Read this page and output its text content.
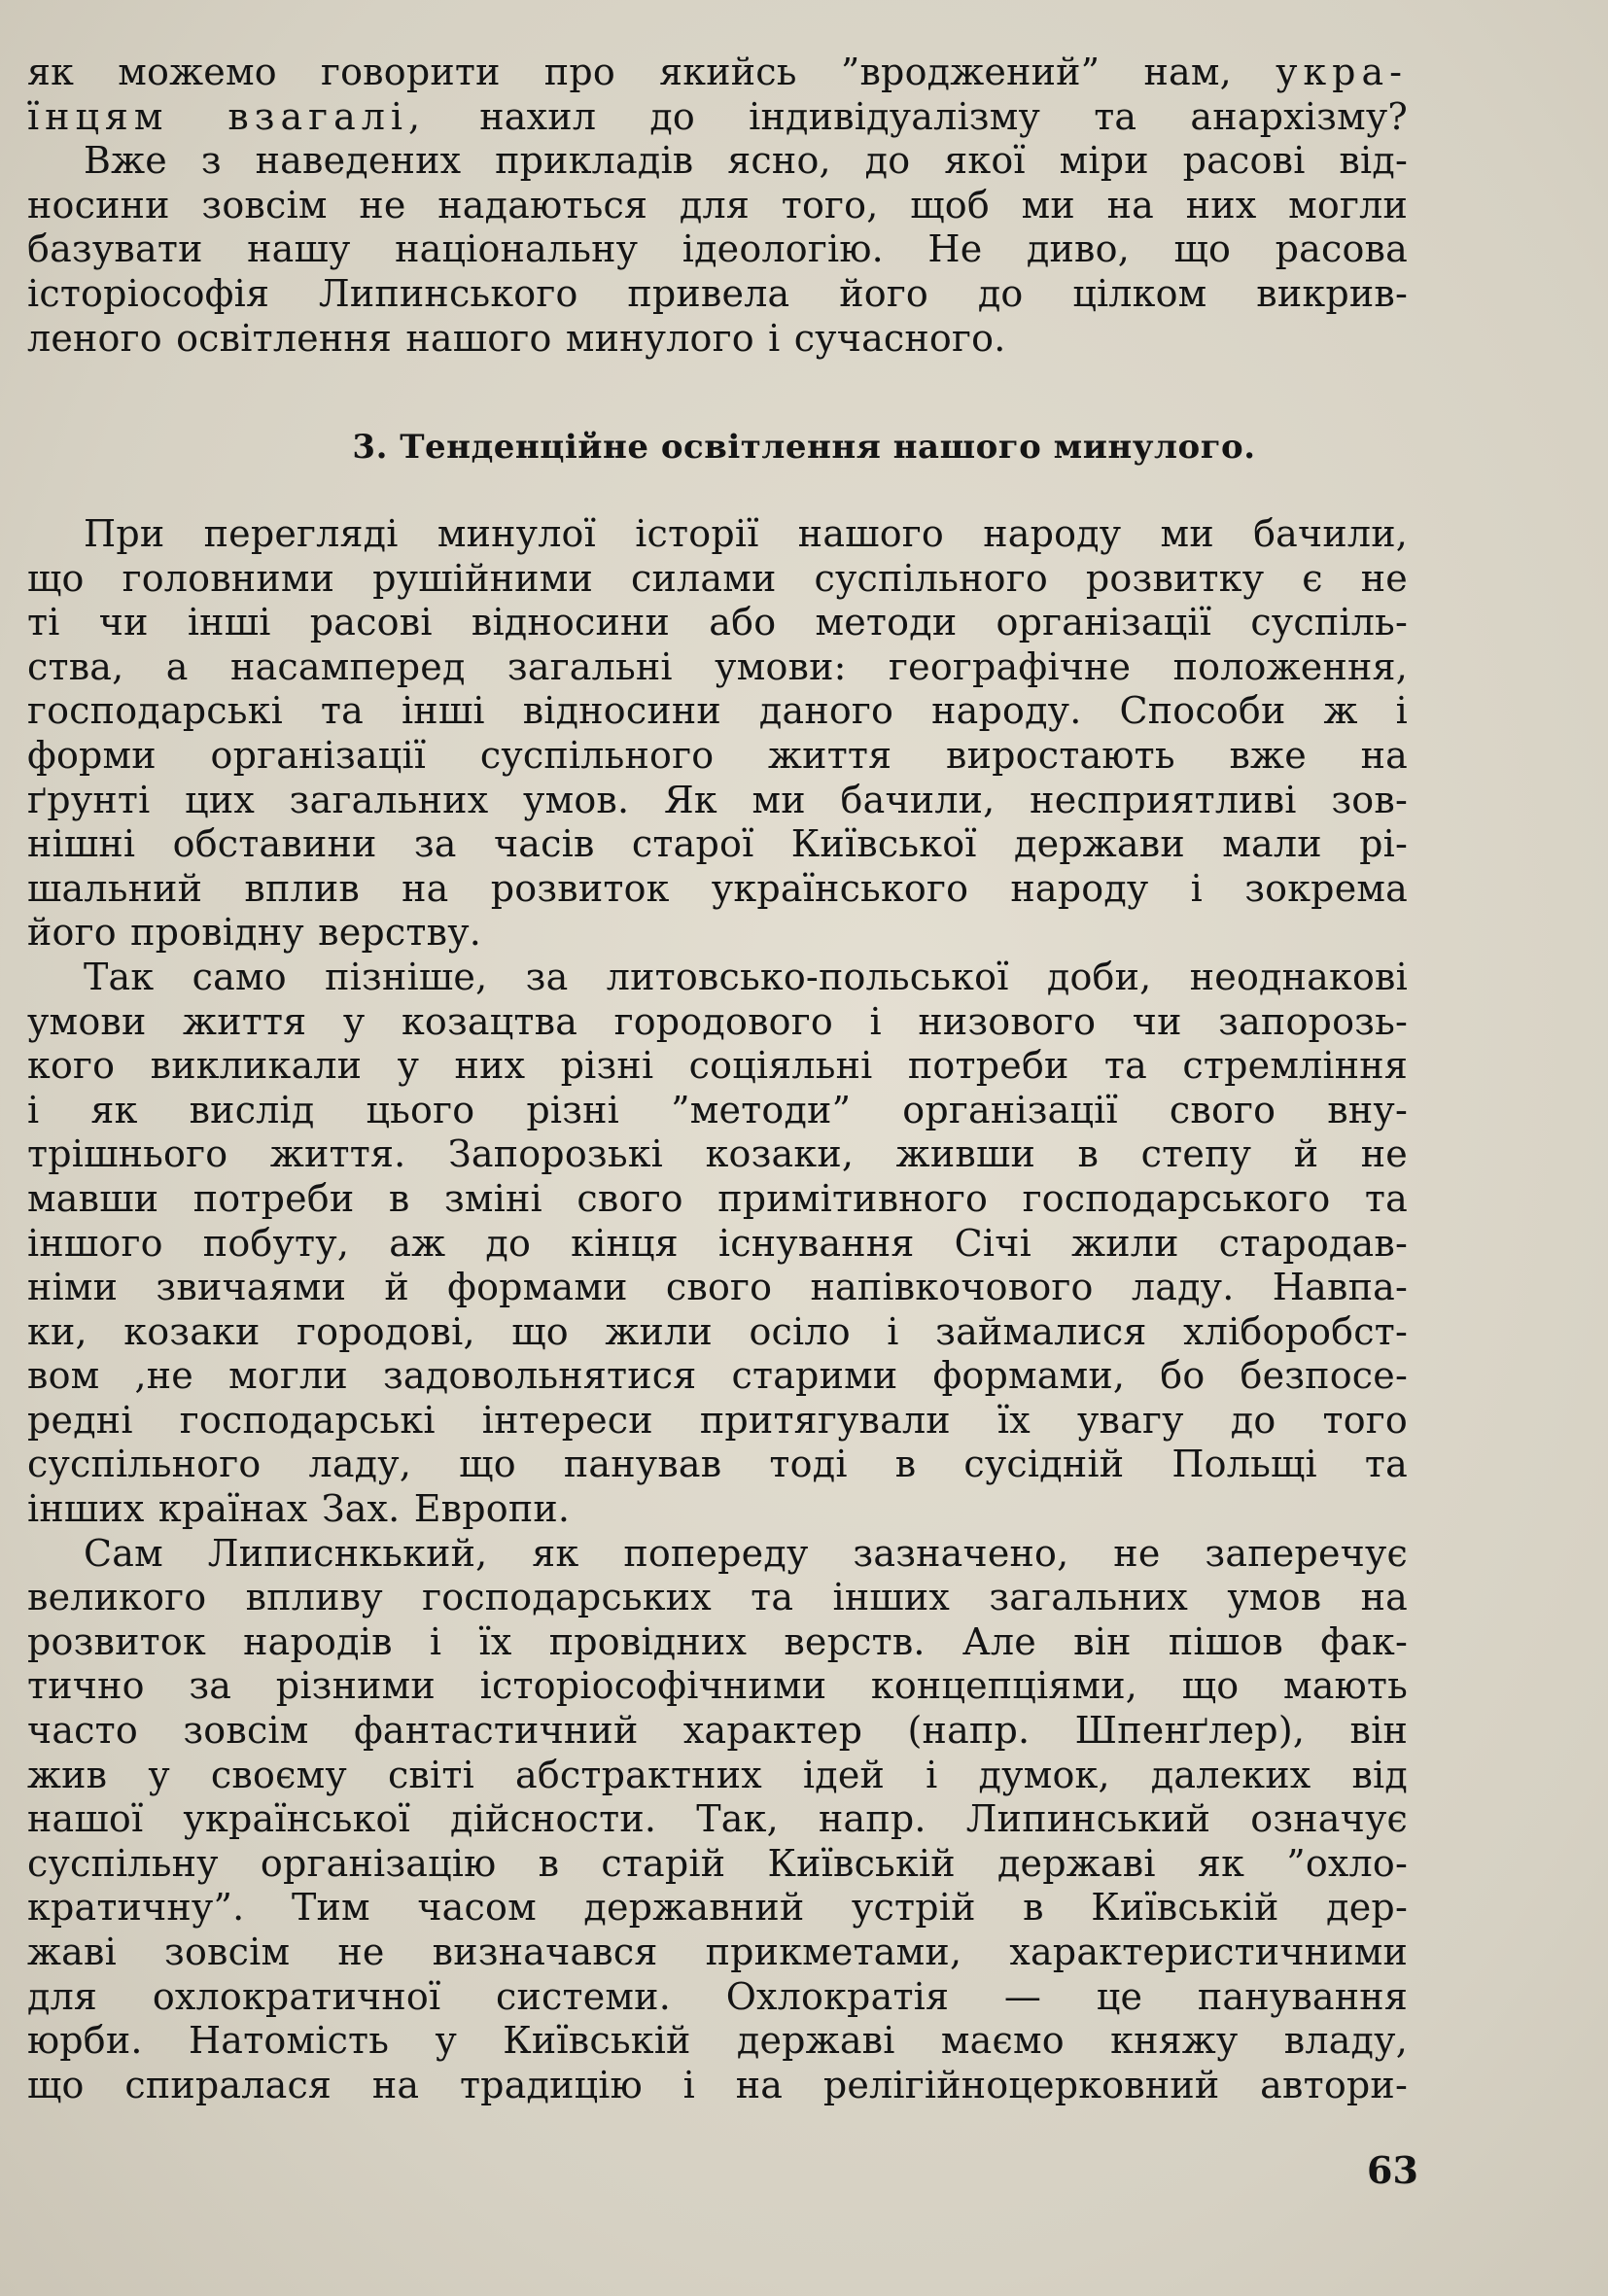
як можемо говорити про якийсь ”вроджений” нам, укра-
їнцям взагалі, нахил до індивідуалізму та анархізму?
Вже з наведених прикладів ясно, до якої міри расові від-
носини зовсім не надаються для того, щоб ми на них могли
базувати нашу національну ідеологію. Не диво, що расова
історіософія Липинського привела його до цілком викрив-
леного освітлення нашого минулого і сучасного.
3. Тенденційне освітлення нашого минулого.
При перегляді минулої історії нашого народу ми бачили,
що головними рушійними силами суспільного розвитку є не
ті чи інші расові відносини або методи організації суспіль-
ства, а насамперед загальні умови: географічне положення,
господарські та інші відносини даного народу. Способи ж і
форми організації суспільного життя виростають вже на
ґрунті цих загальних умов. Як ми бачили, несприятливі зов-
нішні обставини за часів старої Київської держави мали рі-
шальний вплив на розвиток українського народу і зокрема
його провідну верству.
Так само пізніше, за литовсько-польської доби, неоднакові
умови життя у козацтва городового і низового чи запорозь-
кого викликали у них різні соціяльні потреби та стремління
і як вислід цього різні ”методи” організації свого вну-
трішнього життя. Запорозькі козаки, живши в степу й не
мавши потреби в зміні свого примітивного господарського та
іншого побуту, аж до кінця існування Січі жили стародав-
німи звичаями й формами свого напівкочового ладу. Навпа-
ки, козаки городові, що жили осіло і займалися хліборобст-
вом ,не могли задовольнятися старими формами, бо безпосе-
редні господарські інтереси притягували їх увагу до того
суспільного ладу, що панував тоді в сусідній Польщі та
інших країнах Зах. Европи.
Сам Липиснкький, як попереду зазначено, не заперечує
великого впливу господарських та інших загальних умов на
розвиток народів і їх провідних верств. Але він пішов фак-
тично за різними історіософічними концепціями, що мають
часто зовсім фантастичний характер (напр. Шпенґлер), він
жив у своєму світі абстрактних ідей і думок, далеких від
нашої української дійсности. Так, напр. Липинський означує
суспільну організацію в старій Київській державі як ”охло-
кратичну”. Тим часом державний устрій в Київській дер-
жаві зовсім не визначався прикметами, характеристичними
для охлократичної системи. Охлократія — це панування
юрби. Натомість у Київській державі маємо княжу владу,
що спиралася на традицію і на релігійноцерковний автори-
63
